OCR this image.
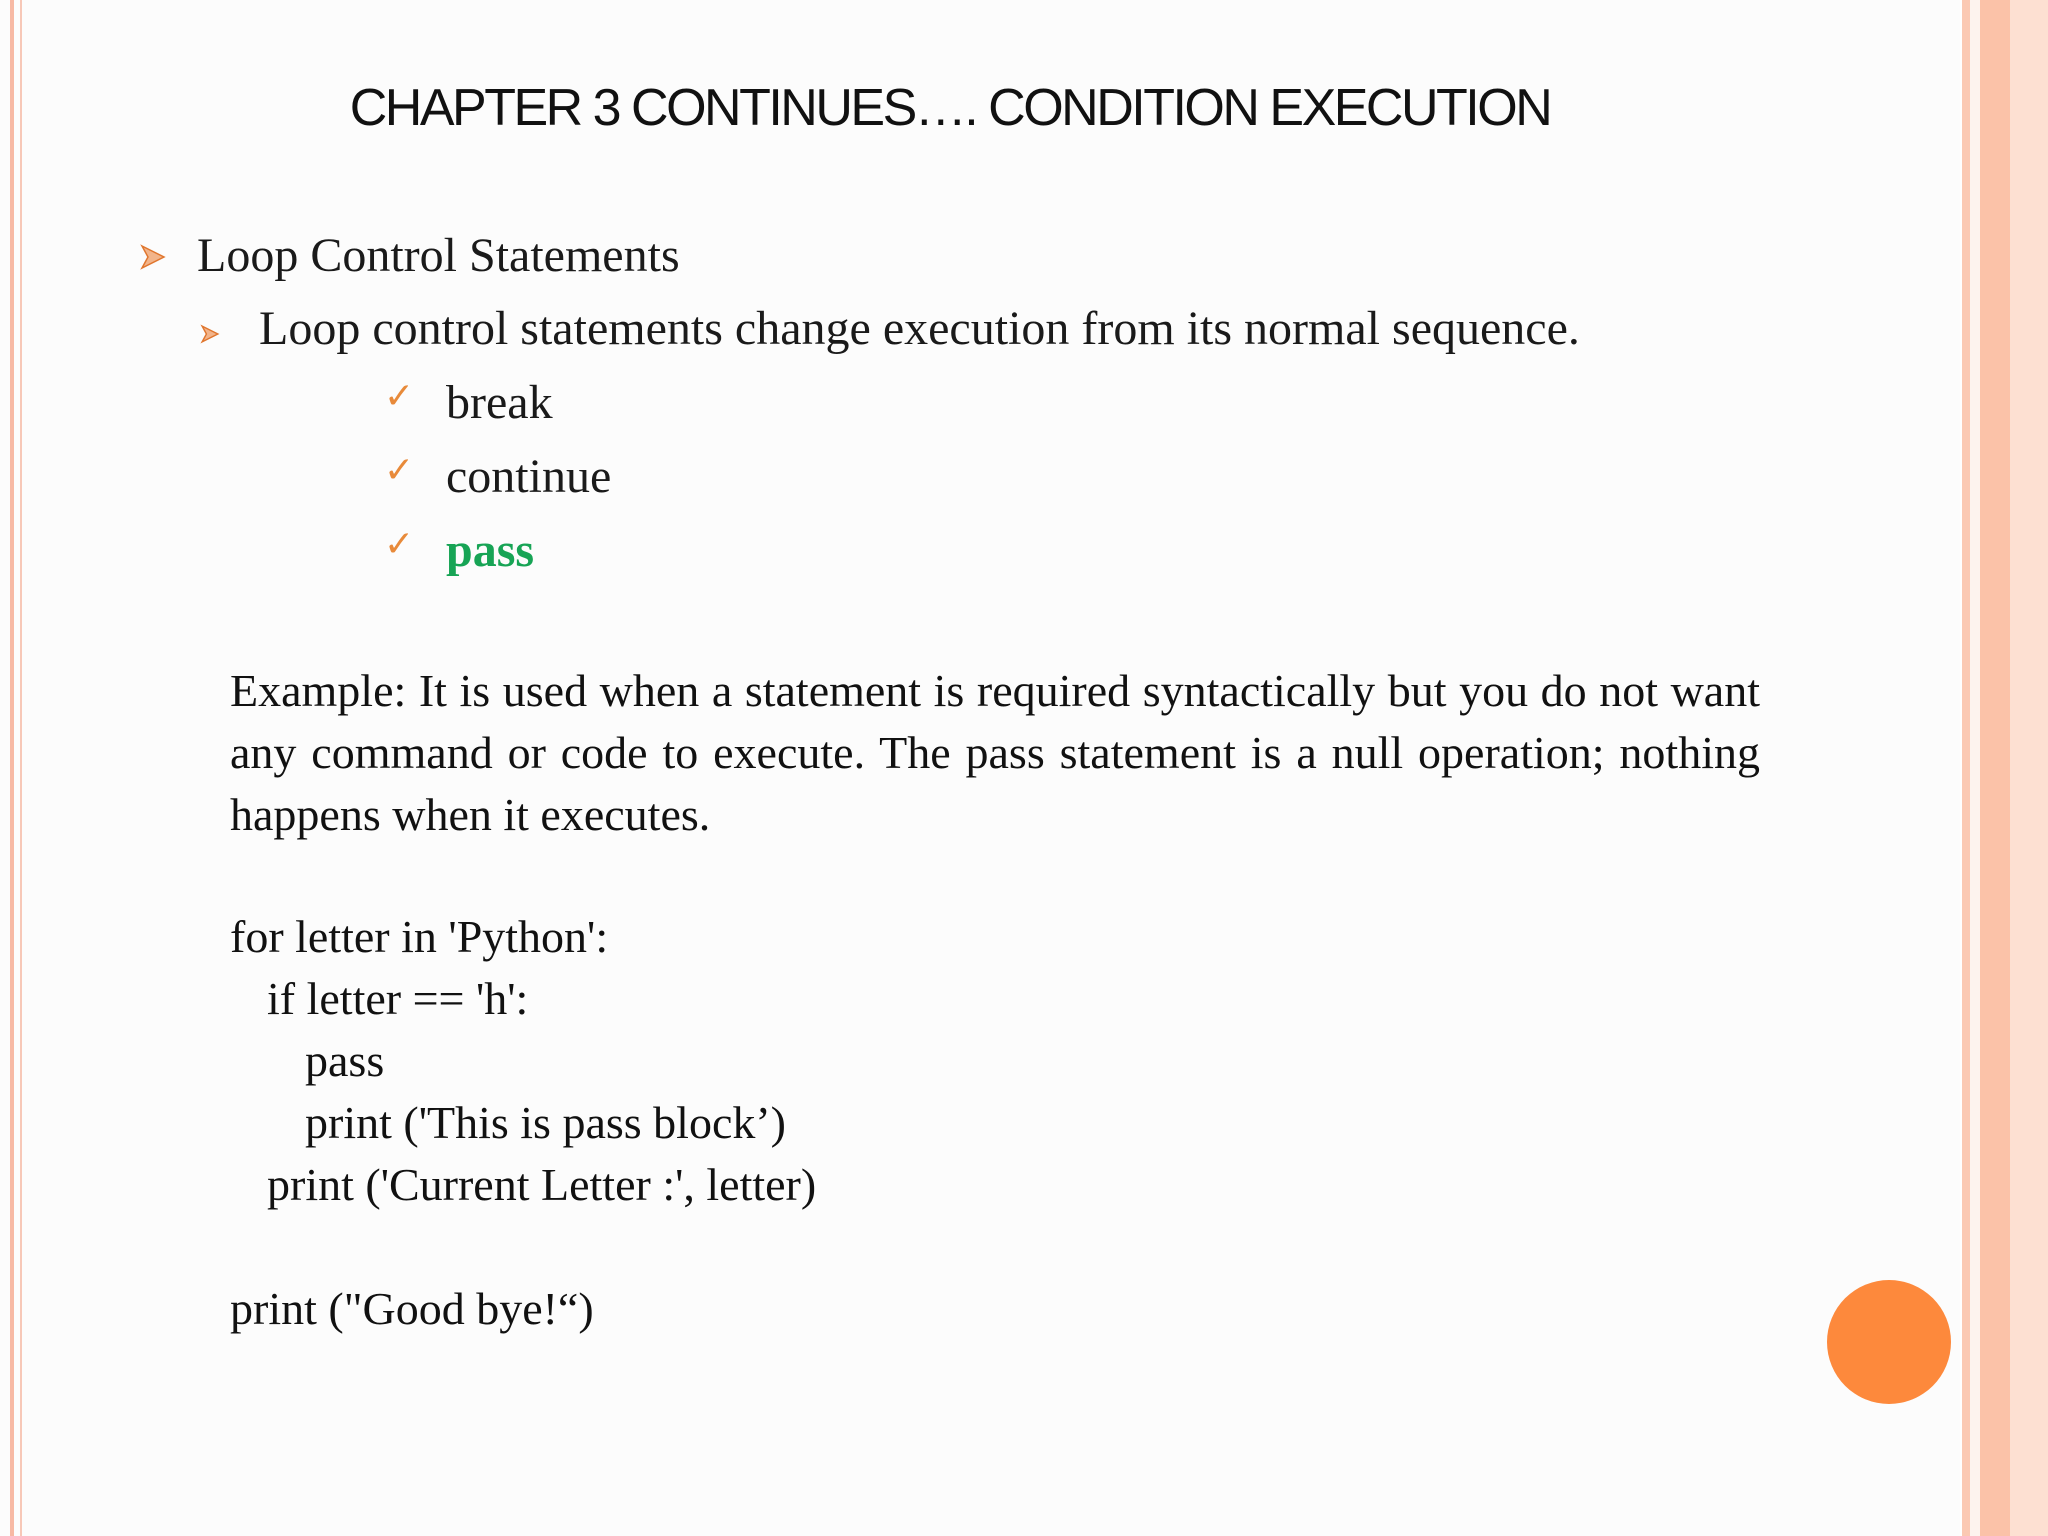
CHAPTER 3 CONTINUES…. CONDITION EXECUTION
Loop Control Statements
Loop control statements change execution from its normal sequence.
✓ break
✓ continue
✓ pass
Example: It is used when a statement is required syntactically but you do not want any command or code to execute. The pass statement is a null operation; nothing happens when it executes.
for letter in 'Python':
if letter == 'h':
pass
print ('This is pass block’)
print ('Current Letter :', letter)
print ("Good bye!“)
